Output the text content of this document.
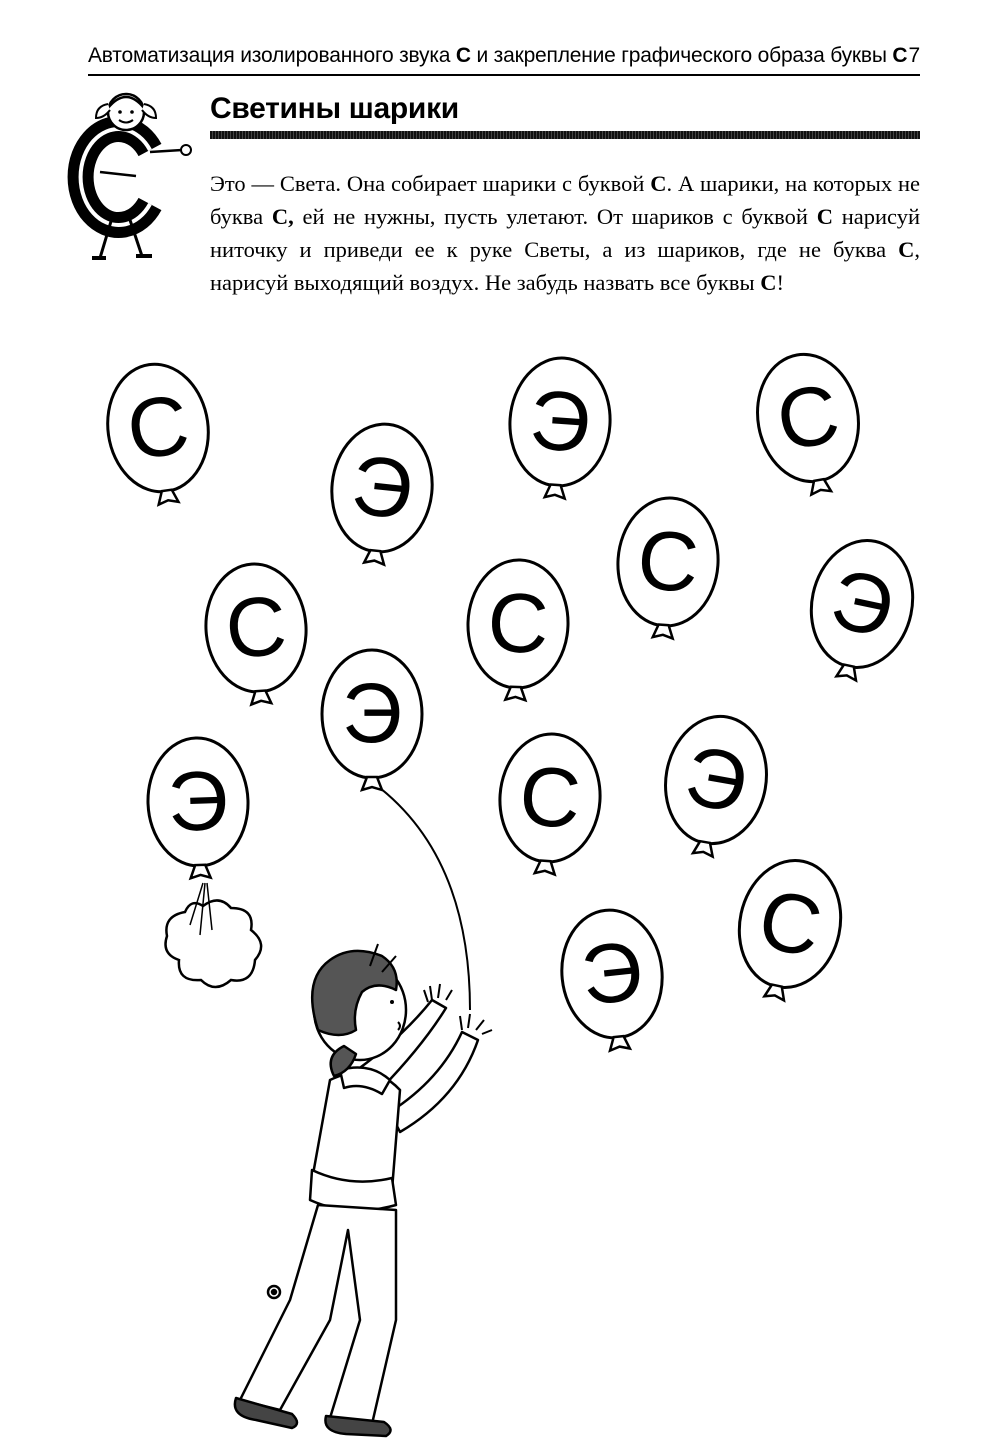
Автоматизация изолированного звука С и закрепление графического образа буквы С 7
Светины шарики
Это — Света. Она собирает шарики с буквой С. А шарики, на которых не буква С, ей не нужны, пусть улетают. От шариков с буквой С нарисуй ниточку и приведи ее к руке Светы, а из шариков, где не буква С, нарисуй выходящий воздух. Не забудь назвать все буквы С!
С
Э
Э С
Э
С
С
С
Э
С
Э	Э
С
Э
